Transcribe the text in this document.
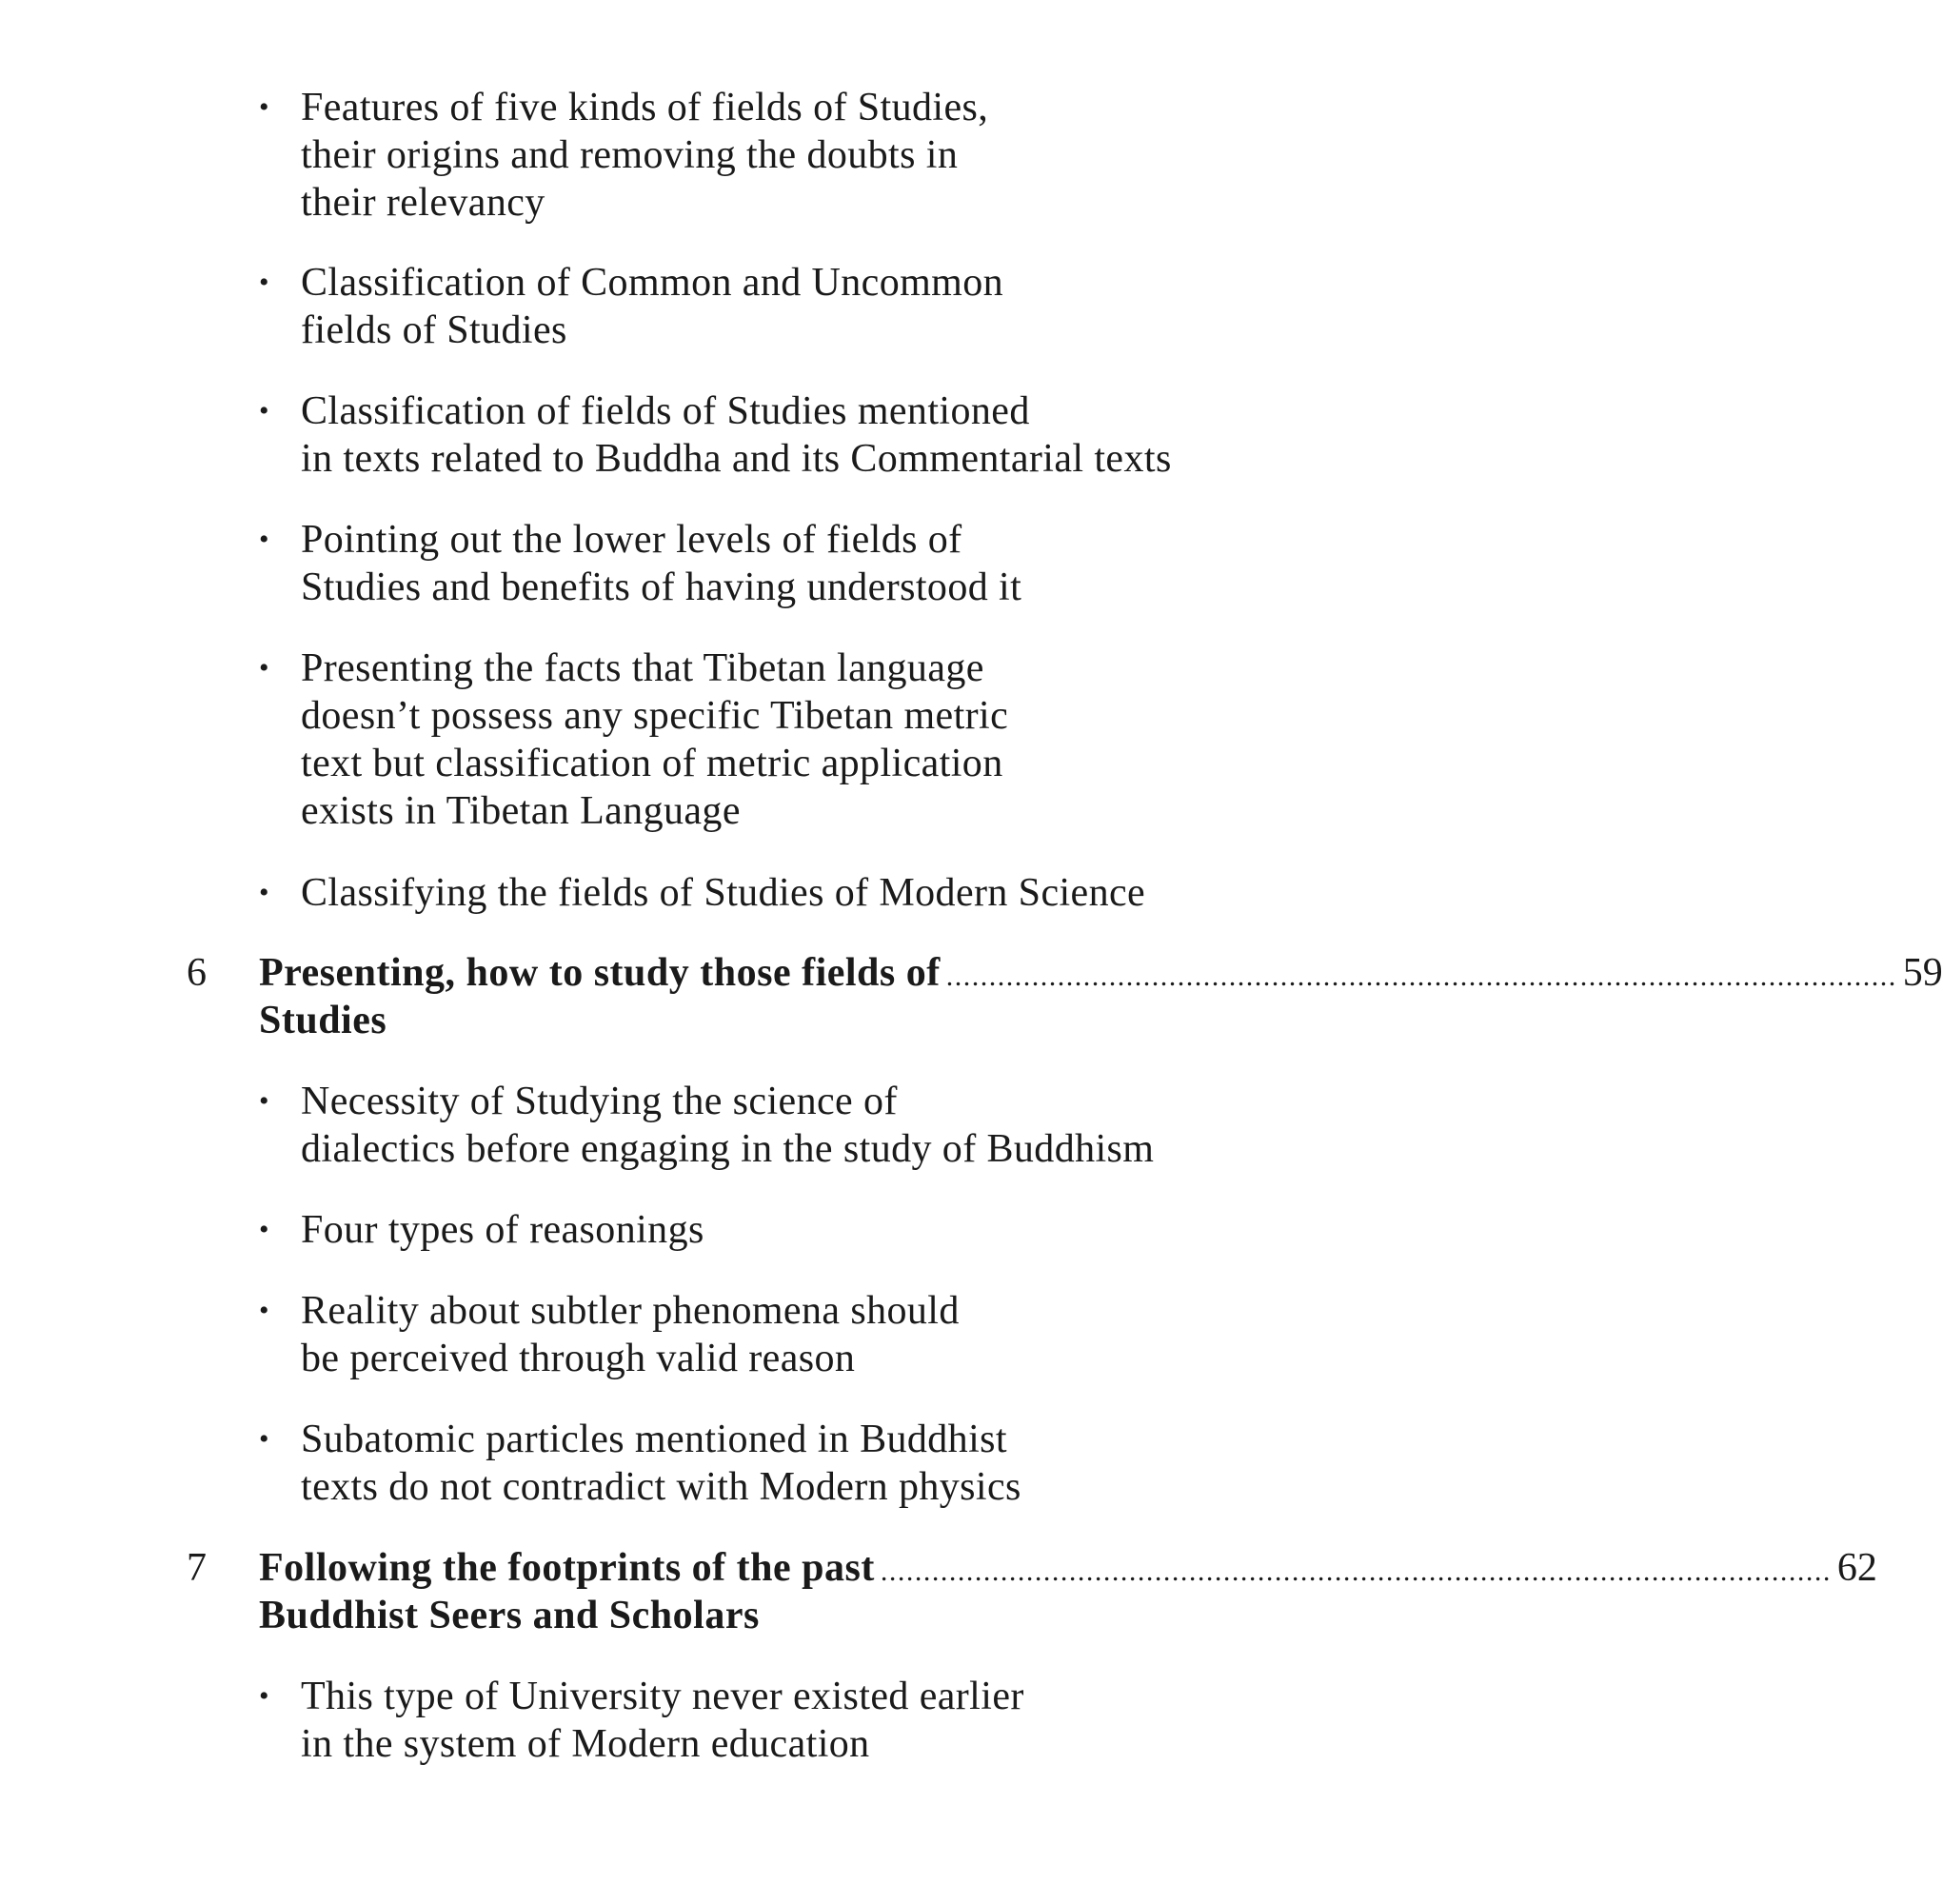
• Features of five kinds of fields of Studies,
their origins and removing the doubts in
their relevancy
• Classification of Common and Uncommon
fields of Studies
• Classification of fields of Studies mentioned
in texts related to Buddha and its Commentarial texts
• Pointing out the lower levels of fields of
Studies and benefits of having understood it
• Presenting the facts that Tibetan language
doesn’t possess any specific Tibetan metric
text but classification of metric application
exists in Tibetan Language
• Classifying the fields of Studies of Modern Science
6 Presenting, how to study those fields of ............................................................................................................... 59
Studies
• Necessity of Studying the science of
dialectics before engaging in the study of Buddhism
• Four types of reasonings
• Reality about subtler phenomena should
be perceived through valid reason
• Subatomic particles mentioned in Buddhist
texts do not contradict with Modern physics
7 Following the footprints of the past ............................................................................................................... 62
Buddhist Seers and Scholars
• This type of University never existed earlier
in the system of Modern education
